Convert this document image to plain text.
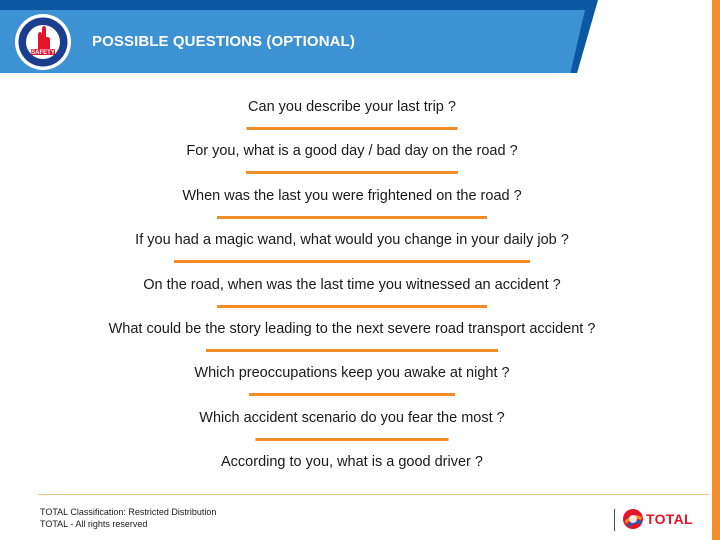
SAFETY
POSSIBLE QUESTIONS (OPTIONAL)
Can you describe your last trip ?
For you, what is a good day / bad day on the road ?
When was the last you were frightened on the road ?
If you had a magic wand, what would you change in your daily job ?
On the road, when was the last time you witnessed an accident ?
What could be the story leading to the next severe road transport accident ?
Which preoccupations keep you awake at night ?
Which accident scenario do you fear the most ?
According to you, what is a good driver ?
TOTAL Classification: Restricted Distribution
TOTAL - All rights reserved	TOTAL
